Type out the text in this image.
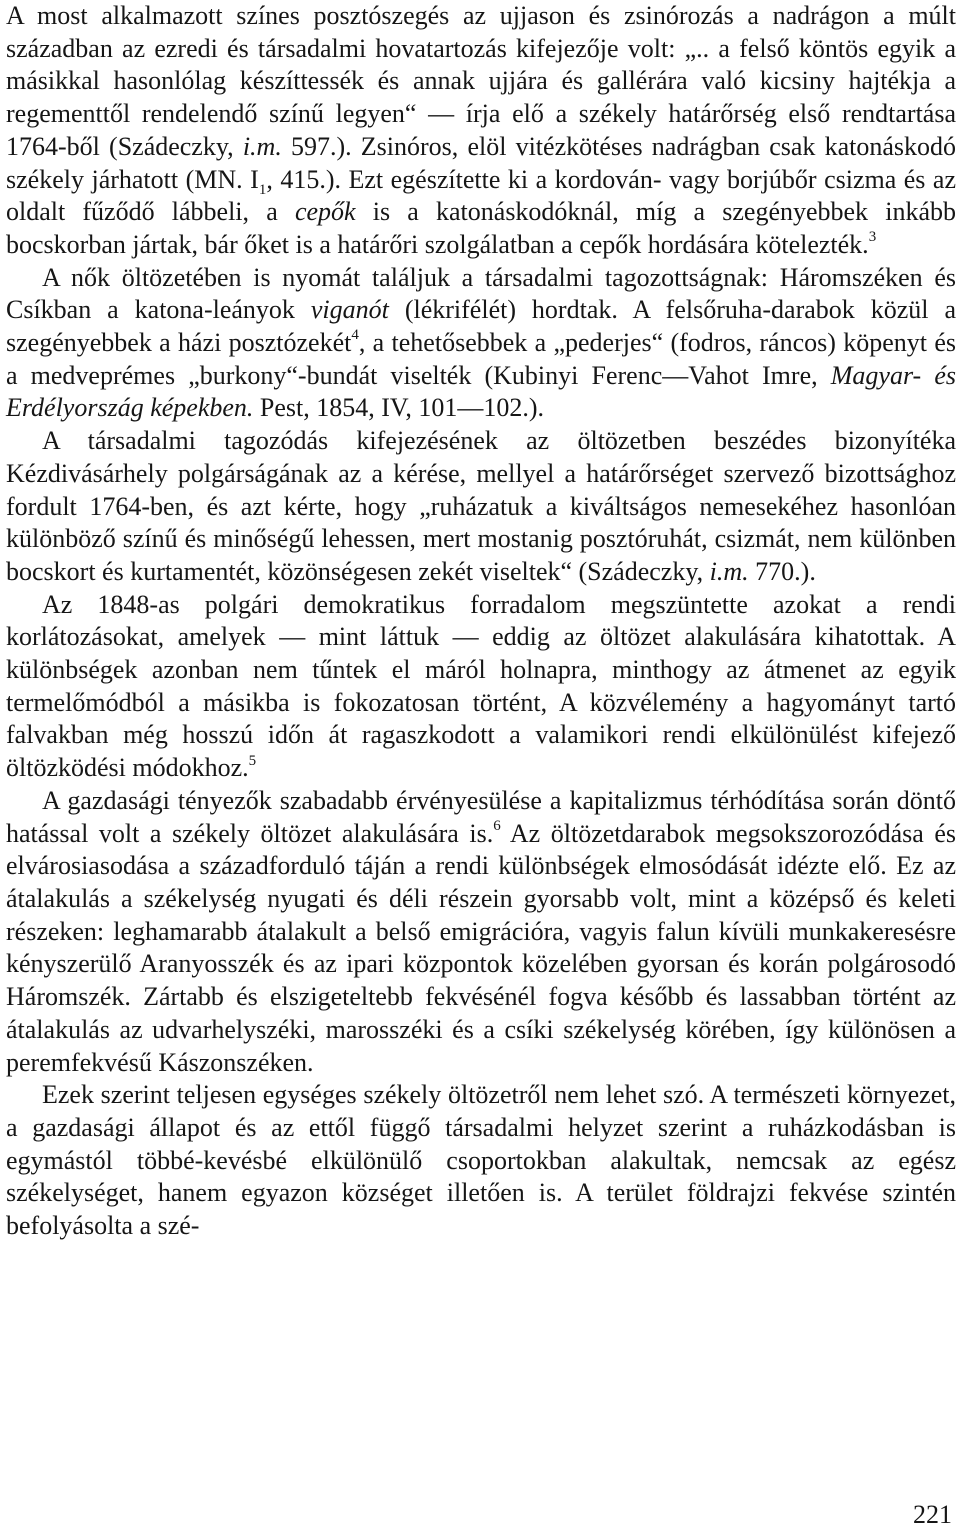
A most alkalmazott színes posztószegés az ujjason és zsinórozás a nadrágon a múlt században az ezredi és társadalmi hovatartozás kifejezője volt: „.. a felső köntös egyik a másikkal hasonlólag készíttessék és annak ujjára és gallérára való kicsiny hajtékja a regementtől rendelendő színű legyen“ — írja elő a székely határőrség első rendtartása 1764-ből (Szádeczky, i.m. 597.). Zsinóros, elöl vitézkötéses nadrágban csak katonáskodó székely járhatott (MN. $I_1$, 415.). Ezt egészítette ki a kordován- vagy borjúbőr csizma és az oldalt fűződő lábbeli, a cepők is a katonáskodóknál, míg a szegényebbek inkább bocskorban jártak, bár őket is a határőri szolgálatban a cepők hordására kötelezték.$^3$

A nők öltözetében is nyomát találjuk a társadalmi tagozottságnak: Háromszéken és Csíkban a katona-leányok viganót (lékrifélét) hordtak. A felsőruha-darabok közül a szegényebbek a házi posztózekét$^4$, a tehetősebbek a „pederjes“ (fodros, ráncos) köpenyt és a medveprémes „burkony“-bundát viselték (Kubinyi Ferenc—Vahot Imre, Magyar- és Erdélyország képekben. Pest, 1854, IV, 101—102.).

A társadalmi tagozódás kifejezésének az öltözetben beszédes bizonyítéka Kézdivásárhely polgárságának az a kérése, mellyel a határőrséget szervező bizottsághoz fordult 1764-ben, és azt kérte, hogy „ruházatuk a kiváltságos nemesekéhez hasonlóan különböző színű és minőségű lehessen, mert mostanig posztóruhát, csizmát, nem különben bocskort és kurtamentét, közönségesen zekét viseltek“ (Szádeczky, i.m. 770.).

Az 1848-as polgári demokratikus forradalom megszüntette azokat a rendi korlátozásokat, amelyek — mint láttuk — eddig az öltözet alakulására kihatottak. A különbségek azonban nem tűntek el máról holnapra, minthogy az átmenet az egyik termelőmódból a másikba is fokozatosan történt, A közvélemény a hagyományt tartó falvakban még hosszú időn át ragaszkodott a valamikori rendi elkülönülést kifejező öltözködési módokhoz.$^5$

A gazdasági tényezők szabadabb érvényesülése a kapitalizmus térhódítása során döntő hatással volt a székely öltözet alakulására is.$^6$ Az öltözetdarabok megsokszorozódása és elvárosiasodása a századforduló táján a rendi különbségek elmosódását idézte elő. Ez az átalakulás a székelység nyugati és déli részein gyorsabb volt, mint a középső és keleti részeken: leghamarabb átalakult a belső emigrációra, vagyis falun kívüli munkakeresésre kényszerülő Aranyosszék és az ipari központok közelében gyorsan és korán polgárosodó Háromszék. Zártabb és elszigeteltebb fekvésénél fogva később és lassabban történt az átalakulás az udvarhelyszéki, marosszéki és a csíki székelység körében, így különösen a peremfekvésű Kászonszéken.

Ezek szerint teljesen egységes székely öltözetről nem lehet szó. A természeti környezet, a gazdasági állapot és az ettől függő társadalmi helyzet szerint a ruházkodásban is egymástól többé-kevésbé elkülönülő csoportokban alakultak, nemcsak az egész székelységet, hanem egyazon községet illetően is. A terület földrajzi fekvése szintén befolyásolta a szé-

221
